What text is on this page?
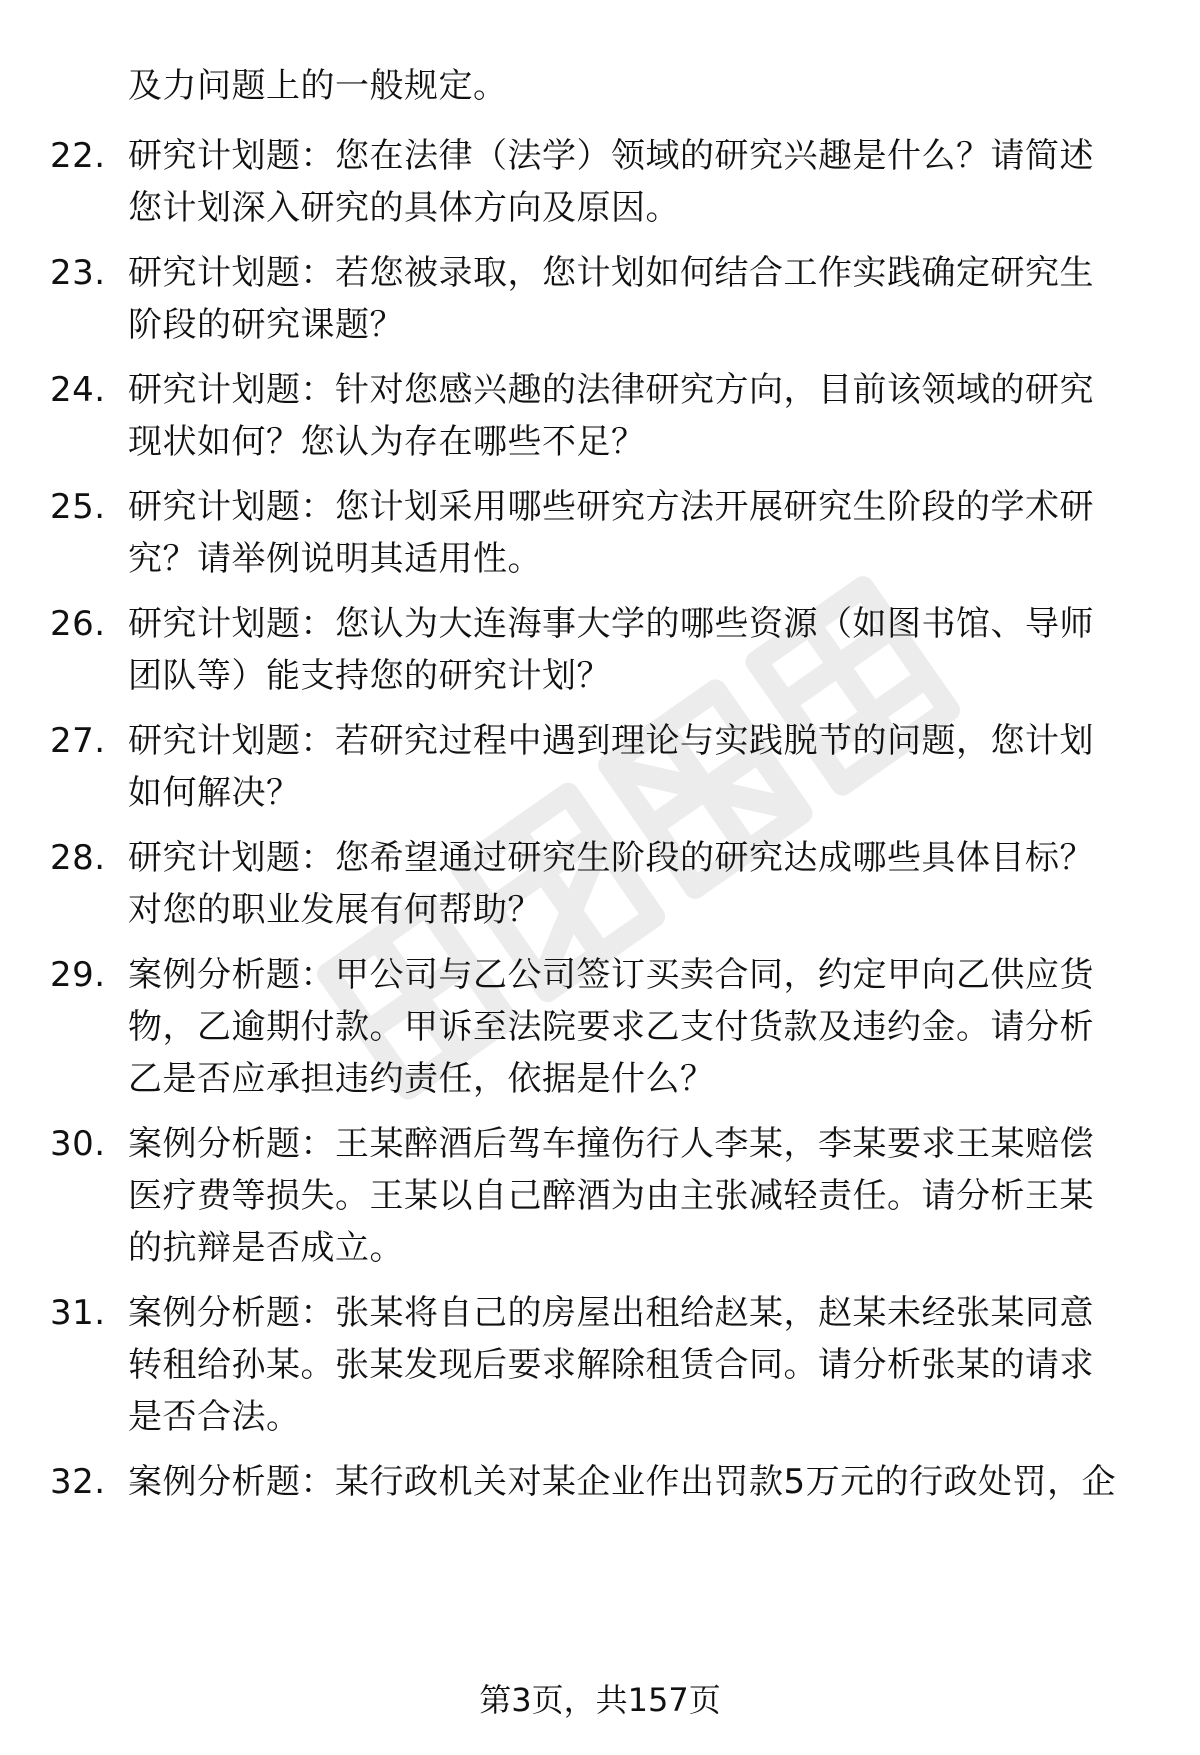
及力问题上的一般规定。
22. 研究计划题：您在法律（法学）领域的研究兴趣是什么？请简述
您计划深入研究的具体方向及原因。
23. 研究计划题：若您被录取，您计划如何结合工作实践确定研究生
阶段的研究课题？
24. 研究计划题：针对您感兴趣的法律研究方向，目前该领域的研究
现状如何？您认为存在哪些不足？
25. 研究计划题：您计划采用哪些研究方法开展研究生阶段的学术研
究？请举例说明其适用性。
26. 研究计划题：您认为大连海事大学的哪些资源（如图书馆、导师
团队等）能支持您的研究计划？
27. 研究计划题：若研究过程中遇到理论与实践脱节的问题，您计划
如何解决？
28. 研究计划题：您希望通过研究生阶段的研究达成哪些具体目标？
对您的职业发展有何帮助？
29. 案例分析题：甲公司与乙公司签订买卖合同，约定甲向乙供应货
物，乙逾期付款。甲诉至法院要求乙支付货款及违约金。请分析
乙是否应承担违约责任，依据是什么？
30. 案例分析题：王某醉酒后驾车撞伤行人李某，李某要求王某赔偿
医疗费等损失。王某以自己醉酒为由主张减轻责任。请分析王某
的抗辩是否成立。
31. 案例分析题：张某将自己的房屋出租给赵某，赵某未经张某同意
转租给孙某。张某发现后要求解除租赁合同。请分析张某的请求
是否合法。
32. 案例分析题：某行政机关对某企业作出罚款5万元的行政处罚，企
第3页，共157页
